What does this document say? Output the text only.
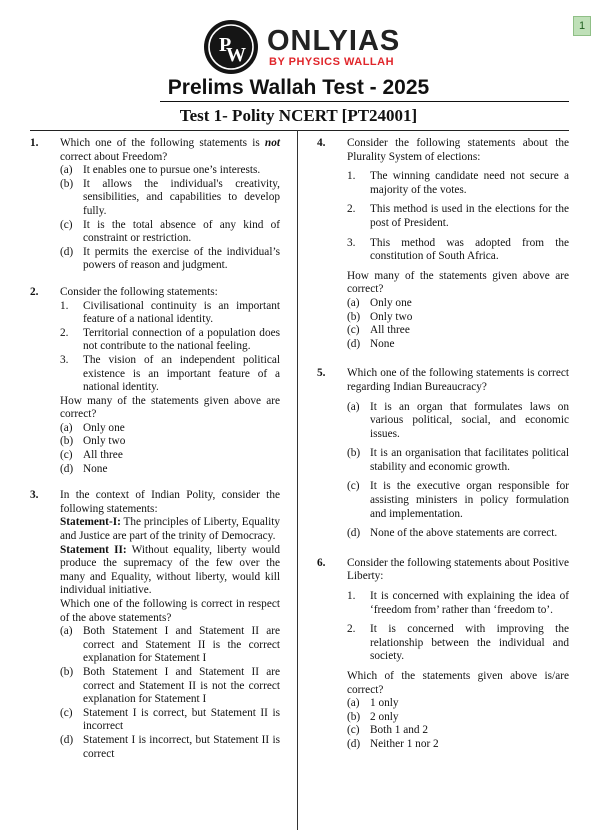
1
P
W ONLYIAS
BY PHYSICS WALLAH
Prelims Wallah Test - 2025
Test 1- Polity NCERT [PT24001]
1. Which one of the following statements is not correct about Freedom?
(a) It enables one to pursue one’s interests.
(b) It allows the individual's creativity, sensibilities, and capabilities to develop fully.
(c) It is the total absence of any kind of constraint or restriction.
(d) It permits the exercise of the individual’s powers of reason and judgment.
2. Consider the following statements:
1.	Civilisational continuity is an important feature of a national identity.
2.	Territorial connection of a population does not contribute to the national feeling.
3.	The vision of an independent political existence is an important feature of a national identity.
How many of the statements given above are correct?
(a) Only one
(b) Only two
(c) All three
(d) None
3. In the context of Indian Polity, consider the following statements:
Statement-I: The principles of Liberty, Equality and Justice are part of the trinity of Democracy.
Statement II: Without equality, liberty would produce the supremacy of the few over the many and Equality, without liberty, would kill individual initiative.
Which one of the following is correct in respect of the above statements?
(a) Both Statement I and Statement II are correct and Statement II is the correct explanation for Statement I
(b) Both Statement I and Statement II are correct and Statement II is not the correct explanation for Statement I
(c) Statement I is correct, but Statement II is incorrect
(d) Statement I is incorrect, but Statement II is correct
4. Consider the following statements about the Plurality System of elections:
1.	The winning candidate need not secure a majority of the votes.
2.	This method is used in the elections for the post of President.
3.	This method was adopted from the constitution of South Africa.
How many of the statements given above are correct?
(a) Only one
(b) Only two
(c) All three
(d) None
5. Which one of the following statements is correct regarding Indian Bureaucracy?
(a) It is an organ that formulates laws on various political, social, and economic issues.
(b) It is an organisation that facilitates political stability and economic growth.
(c) It is the executive organ responsible for assisting ministers in policy formulation and implementation.
(d) None of the above statements are correct.
6. Consider the following statements about Positive Liberty:
1.	It is concerned with explaining the idea of ‘freedom from’ rather than ‘freedom to’.
2.	It is concerned with improving the relationship between the individual and society.
Which of the statements given above is/are correct?
(a) 1 only
(b) 2 only
(c) Both 1 and 2
(d) Neither 1 nor 2
